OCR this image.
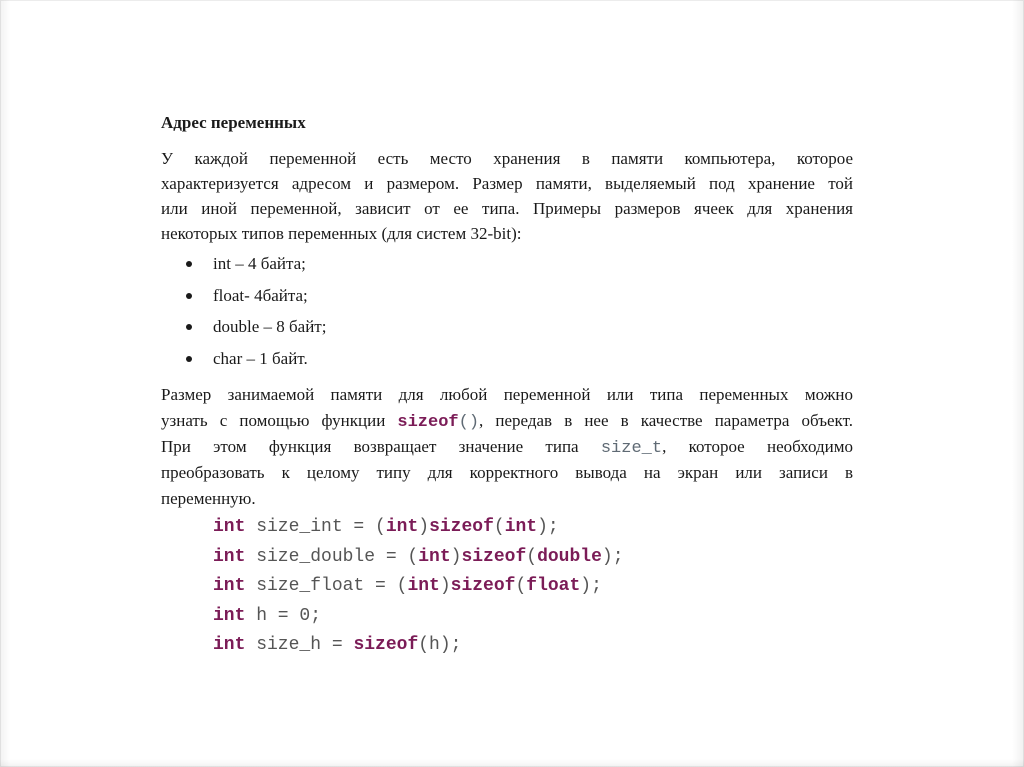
Адрес переменных
У каждой переменной есть место хранения в памяти компьютера, которое
характеризуется адресом и размером. Размер памяти, выделяемый под хранение той
или иной переменной, зависит от ее типа. Примеры размеров ячеек для хранения
некоторых типов переменных (для систем 32-bit):
int – 4 байта;
float- 4байта;
double – 8 байт;
char – 1 байт.
Размер занимаемой памяти для любой переменной или типа переменных можно
узнать с помощью функции sizeof(), передав в нее в качестве параметра объект.
При этом функция возвращает значение типа size_t, которое необходимо
преобразовать к целому типу для корректного вывода на экран или записи в
переменную.
int size_int = (int)sizeof(int);
int size_double = (int)sizeof(double);
int size_float = (int)sizeof(float);
int h = 0;
int size_h = sizeof(h);
